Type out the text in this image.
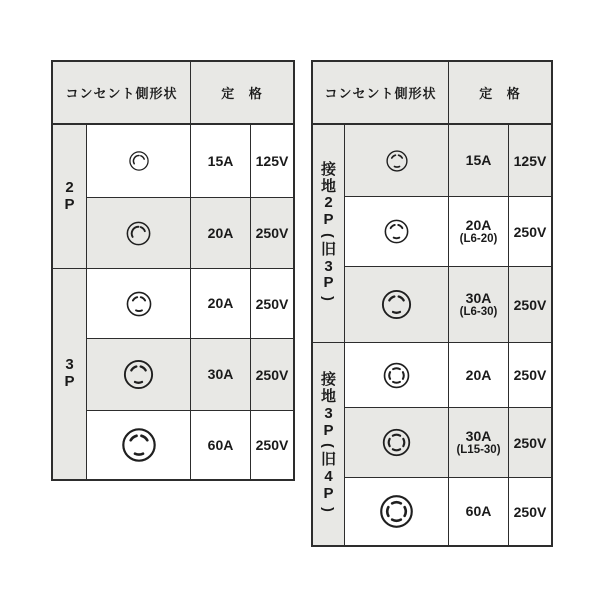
コンセント側形状	定 格
2
P
15A 125V
20A 250V
3
P
20A 250V
30A 250V
60A 250V
コンセント側形状	定 格
接
地
2
P
(
旧
3
P
)
15A 125V
20A
(L6-20) 250V
30A
(L6-30) 250V
接
地
3
P
(
旧
4
P
)
20A 250V
30A
(L15-30) 250V
60A 250V
